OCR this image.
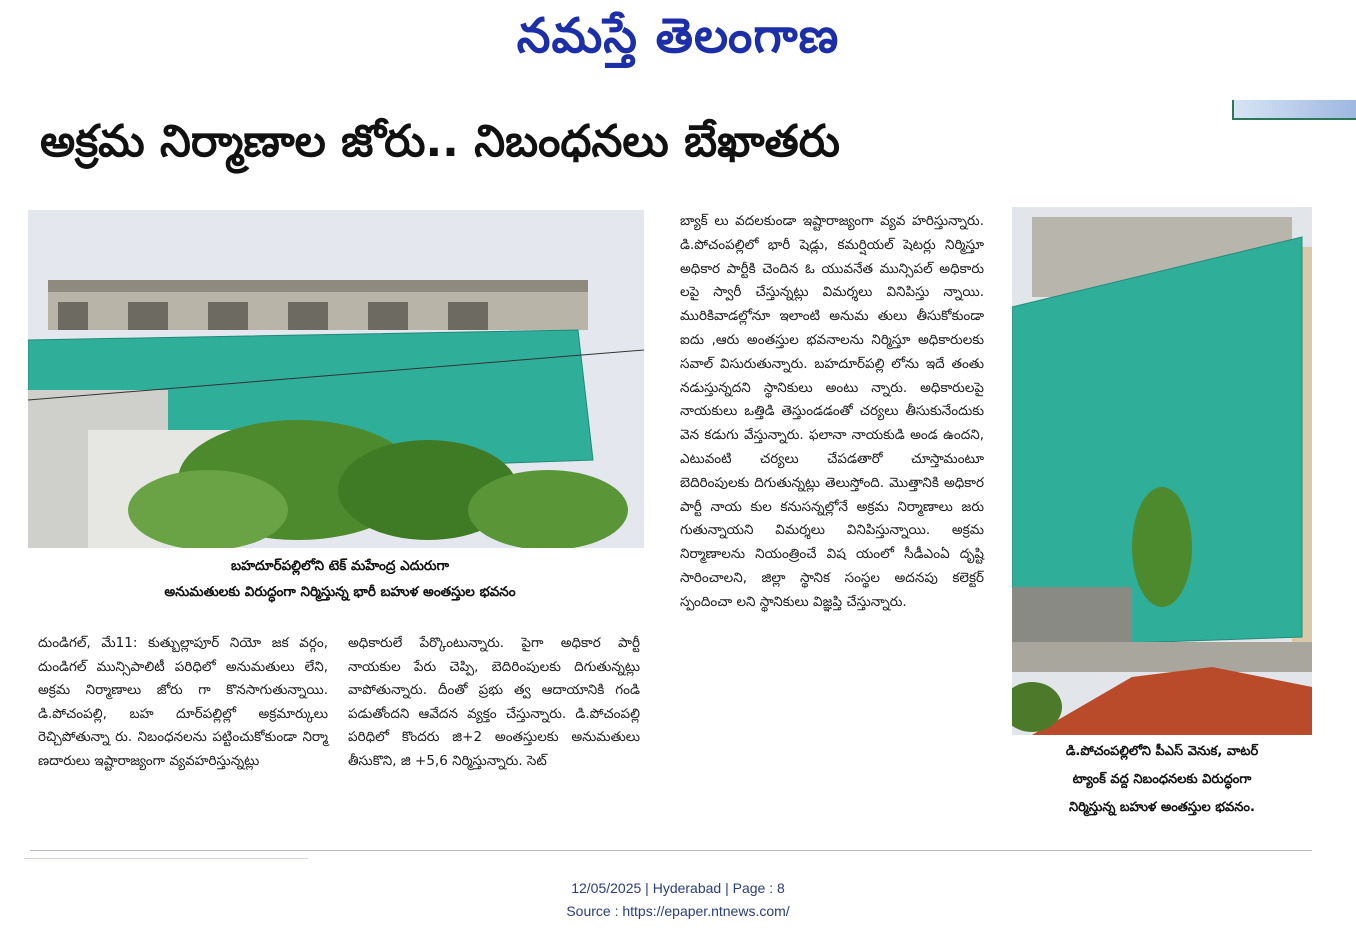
నమస్తే తెలంగాణ
అక్రమ నిర్మాణాల జోరు.. నిబంధనలు బేఖాతరు
బహదూర్‌పల్లిలోని టెక్ మహేంద్ర ఎదురుగా
అనుమతులకు విరుద్ధంగా నిర్మిస్తున్న భారీ బహుళ అంతస్తుల భవనం

దుండిగల్, మే11: కుత్బుల్లాపూర్ నియో జక వర్గం, దుండిగల్ మున్సిపాలిటీ పరిధిలో అనుమతులు లేని, అక్రమ నిర్మాణాలు జోరు గా కొనసాగుతున్నాయి. డి.పోచంపల్లి, బహ దూర్‌పల్లిల్లో అక్రమార్కులు రెచ్చిపోతున్నా రు. నిబంధనలను పట్టించుకోకుండా నిర్మా ణదారులు ఇష్టారాజ్యంగా వ్యవహరిస్తున్నట్లు

అధికారులే పేర్కొంటున్నారు. పైగా అధికార పార్టీ నాయకుల పేరు చెప్పి, బెదిరింపులకు దిగుతున్నట్లు వాపోతున్నారు. దీంతో ప్రభు త్వ ఆదాయానికి గండి పడుతోందని ఆవేదన వ్యక్తం చేస్తున్నారు. డి.పోచంపల్లి పరిధిలో కొందరు జి+2 అంతస్తులకు అనుమతులు తీసుకొని, జి +5,6 నిర్మిస్తున్నారు. సెట్

బ్యాక్ లు వదలకుండా ఇష్టారాజ్యంగా వ్యవ హరిస్తున్నారు. డి.పోచంపల్లిలో భారీ షెడ్లు, కమర్షియల్ షెటర్లు నిర్మిస్తూ అధికార పార్టీకి చెందిన ఓ యువనేత మున్సిపల్ అధికారు లపై స్వారీ చేస్తున్నట్లు విమర్శలు వినిపిస్తు న్నాయి. మురికివాడల్లోనూ ఇలాంటి అనుమ తులు తీసుకోకుండా ఐదు ,ఆరు అంతస్తుల భవనాలను నిర్మిస్తూ అధికారులకు సవాల్ విసురుతున్నారు. బహదూర్‌పల్లి లోను ఇదే తంతు నడుస్తున్నదని స్థానికులు అంటు న్నారు. అధికారులపై నాయకులు ఒత్తిడి తెస్తుండడంతో చర్యలు తీసుకునేందుకు వెన కడుగు వేస్తున్నారు. ఫలానా నాయకుడి అండ ఉందని, ఎటువంటి చర్యలు చేపడతారో చూస్తామంటూ బెదిరింపులకు దిగుతున్నట్లు తెలుస్తోంది. మొత్తానికి అధికార పార్టీ నాయ కుల కనుసన్నల్లోనే అక్రమ నిర్మాణాలు జరు గుతున్నాయని విమర్శలు వినిపిస్తున్నాయి. అక్రమ నిర్మాణాలను నియంత్రించే విష యంలో సీడీఎంఏ దృష్టి సారించాలని, జిల్లా స్థానిక సంస్థల అదనపు కలెక్టర్ స్పందించా లని స్థానికులు విజ్ఞప్తి చేస్తున్నారు.

డి.పోచంపల్లిలోని పీఎస్ వెనుక, వాటర్
ట్యాంక్ వద్ద నిబంధనలకు విరుద్ధంగా
నిర్మిస్తున్న బహుళ అంతస్తుల భవనం.
12/05/2025 | Hyderabad | Page : 8
Source : https://epaper.ntnews.com/
